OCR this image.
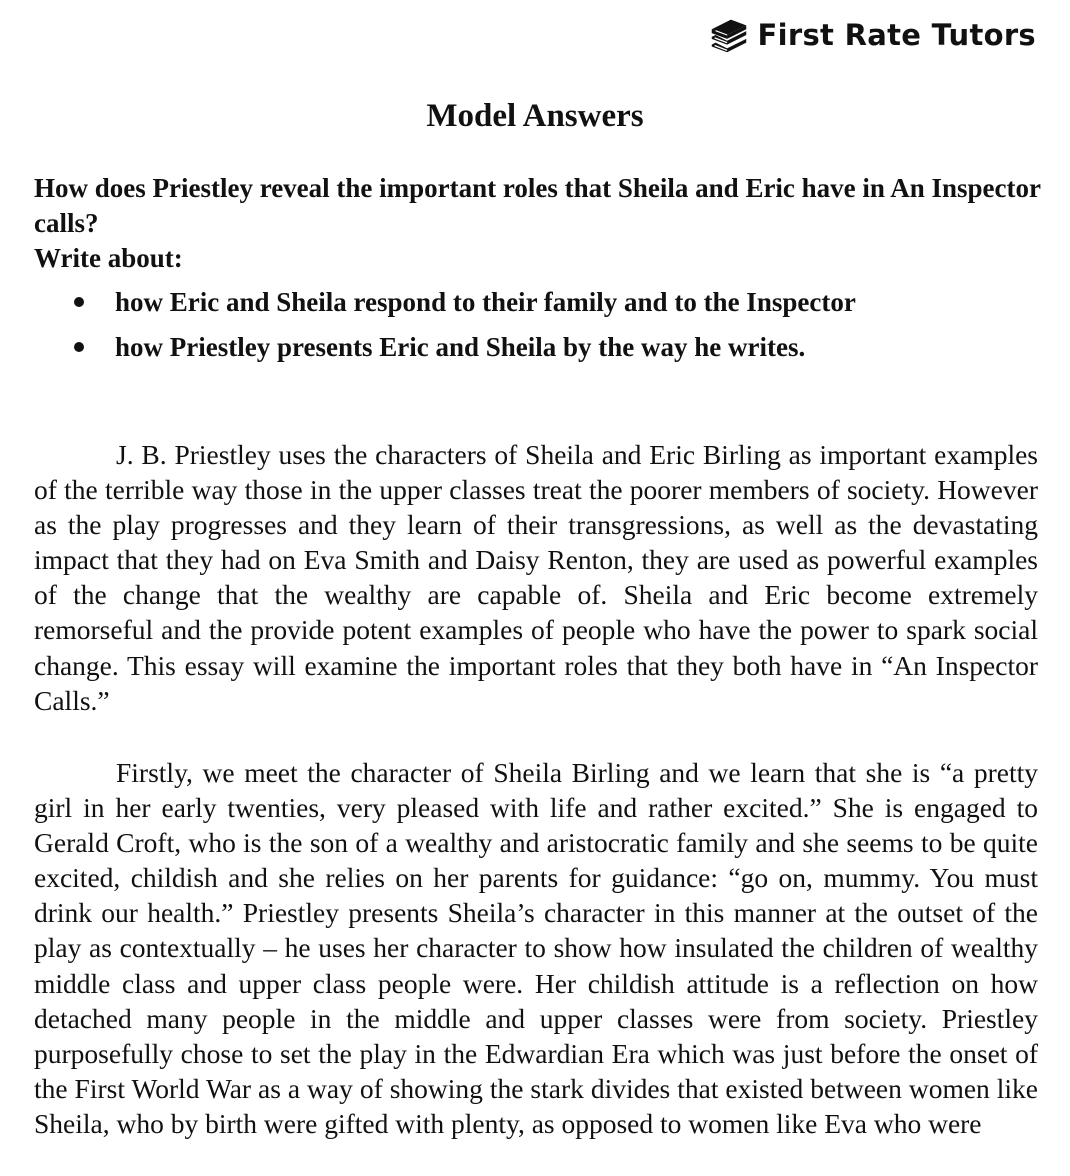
First Rate Tutors
Model Answers

How does Priestley reveal the important roles that Sheila and Eric have in An Inspector calls?

Write about:

how Eric and Sheila respond to their family and to the Inspector
how Priestley presents Eric and Sheila by the way he writes.

J. B. Priestley uses the characters of Sheila and Eric Birling as important examples of the terrible way those in the upper classes treat the poorer members of society. However as the play progresses and they learn of their transgressions, as well as the devastating impact that they had on Eva Smith and Daisy Renton, they are used as powerful examples of the change that the wealthy are capable of. Sheila and Eric become extremely remorseful and the provide potent examples of people who have the power to spark social change. This essay will examine the important roles that they both have in “An Inspector Calls.”

Firstly, we meet the character of Sheila Birling and we learn that she is “a pretty girl in her early twenties, very pleased with life and rather excited.” She is engaged to Gerald Croft, who is the son of a wealthy and aristocratic family and she seems to be quite excited, childish and she relies on her parents for guidance: “go on, mummy. You must drink our health.” Priestley presents Sheila’s character in this manner at the outset of the play as contextually – he uses her character to show how insulated the children of wealthy middle class and upper class people were. Her childish attitude is a reflection on how detached many people in the middle and upper classes were from society. Priestley purposefully chose to set the play in the Edwardian Era which was just before the onset of the First World War as a way of showing the stark divides that existed between women like Sheila, who by birth were gifted with plenty, as opposed to women like Eva who were
